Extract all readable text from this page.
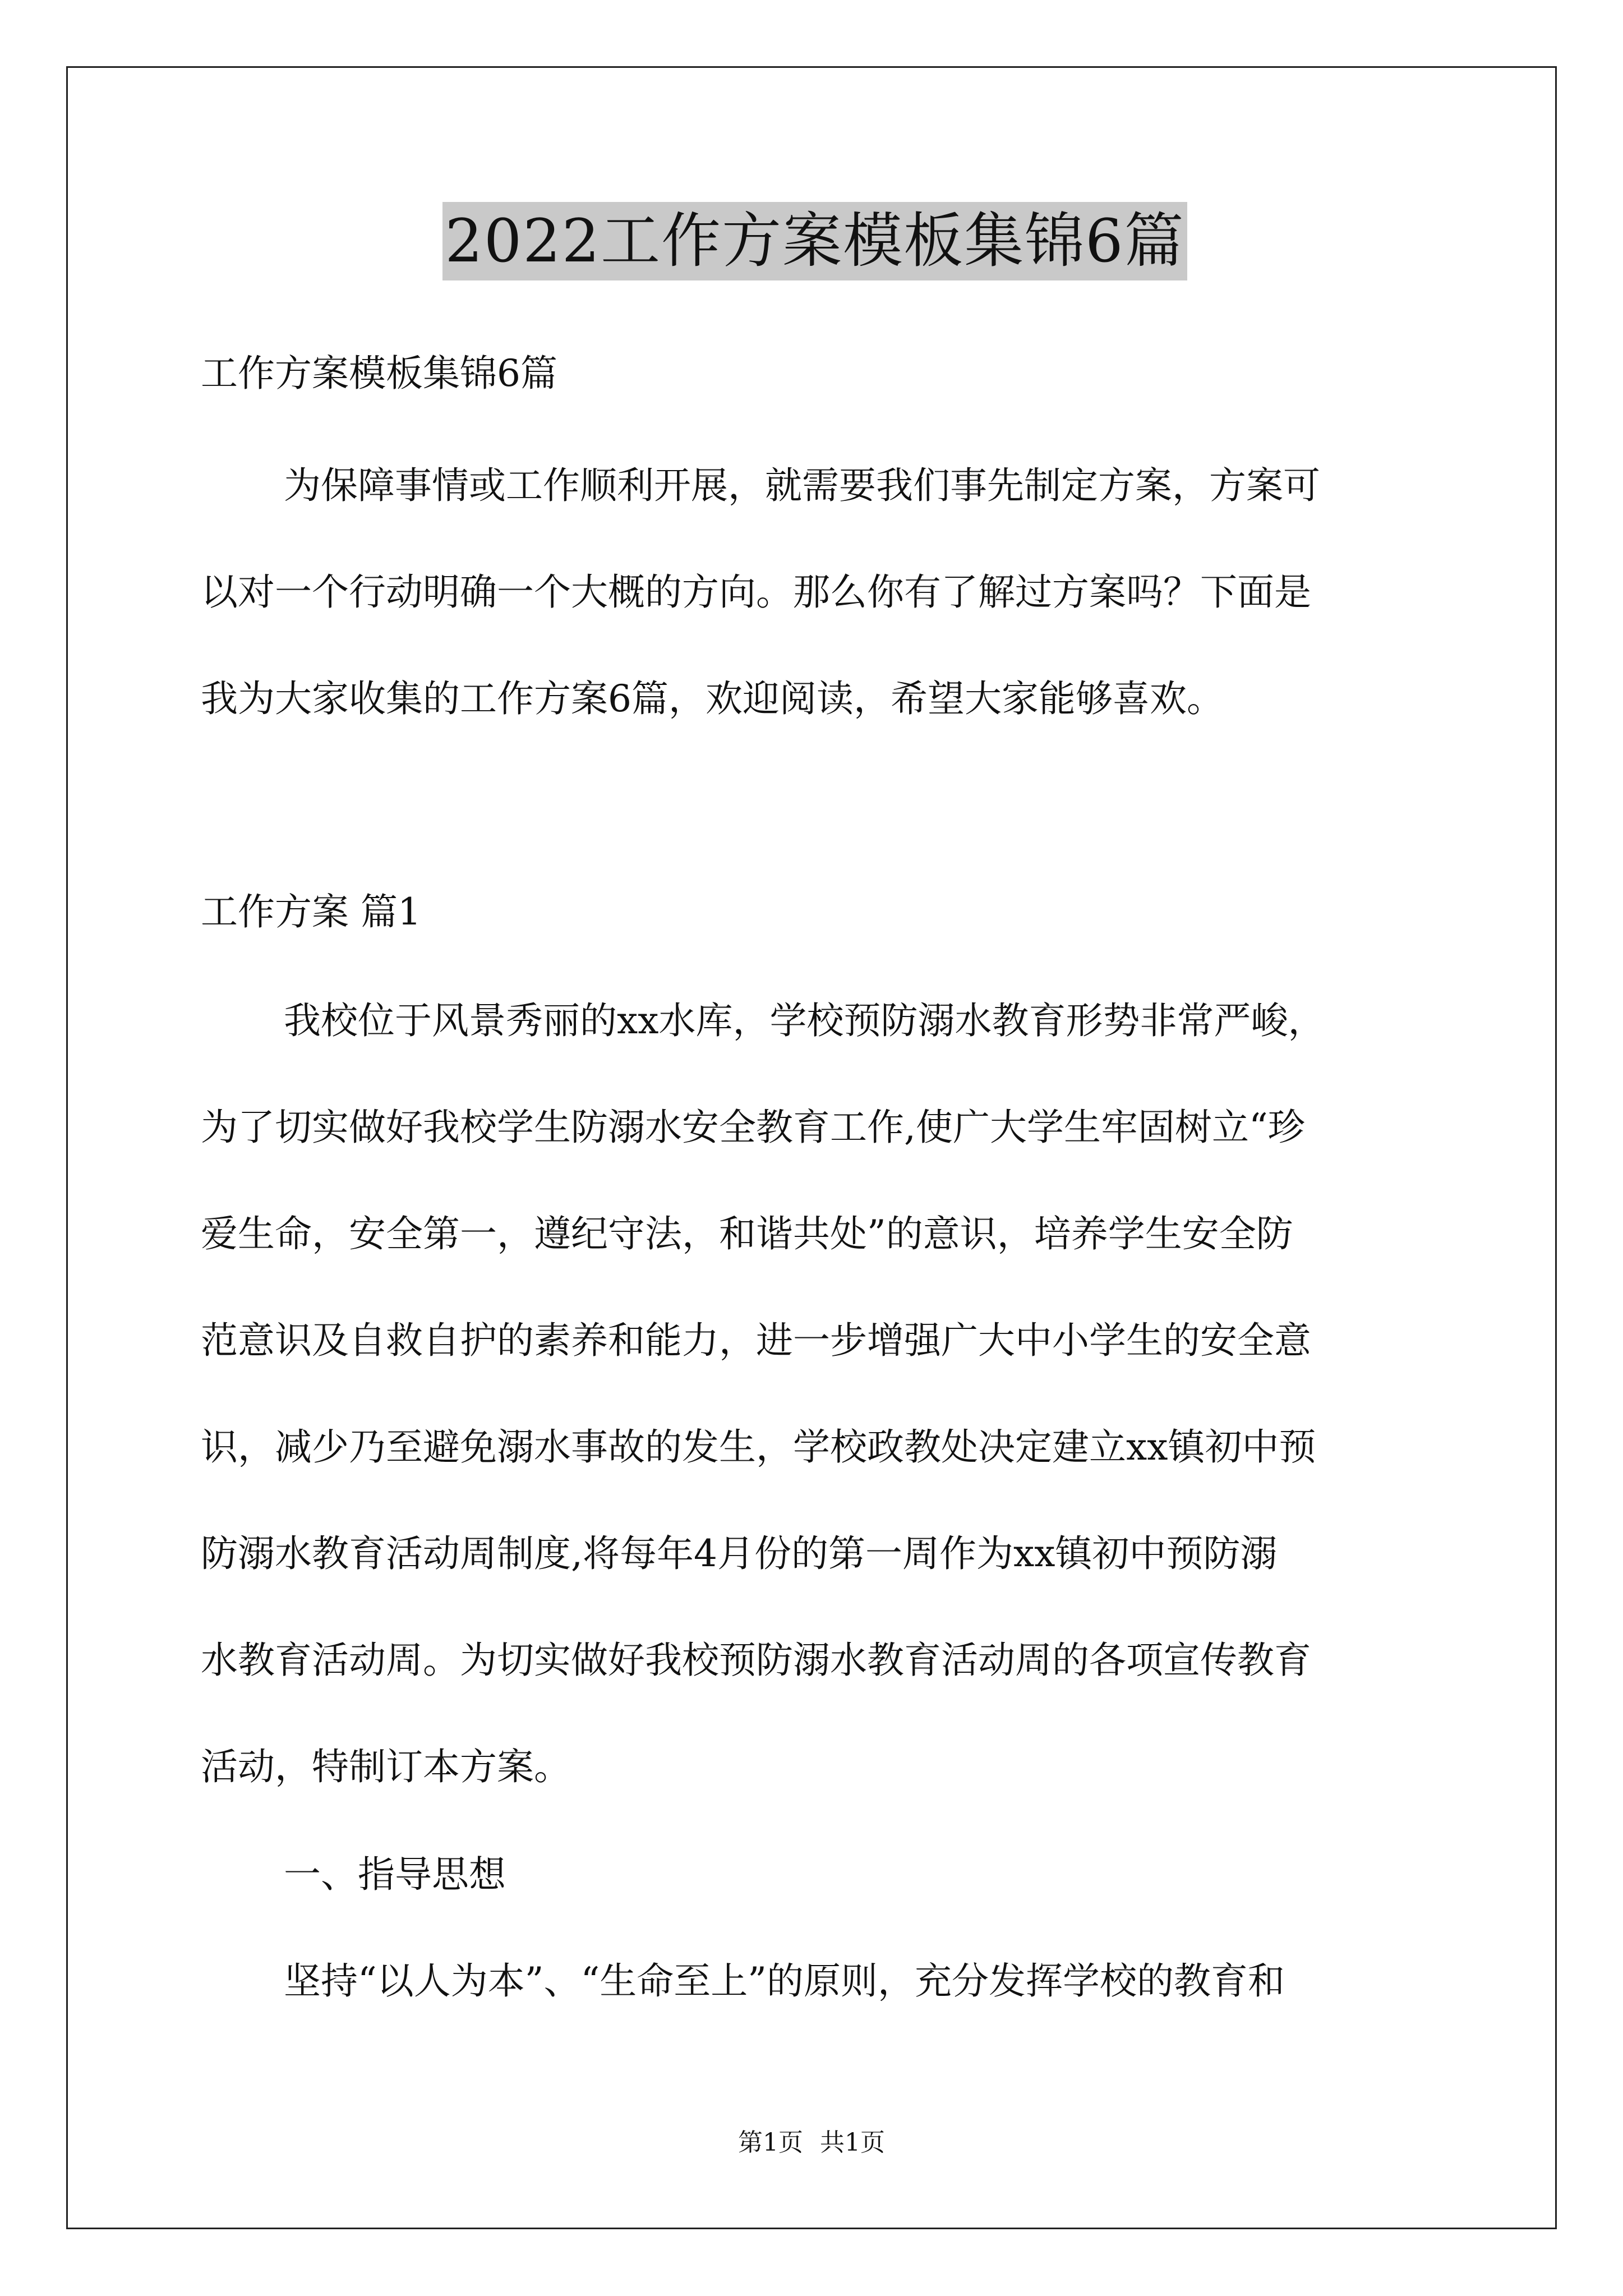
2022工作方案模板集锦6篇
工作方案模板集锦6篇
为保障事情或工作顺利开展，就需要我们事先制定方案，方案可
以对一个行动明确一个大概的方向。那么你有了解过方案吗？下面是
我为大家收集的工作方案6篇，欢迎阅读，希望大家能够喜欢。
工作方案 篇1
我校位于风景秀丽的xx水库，学校预防溺水教育形势非常严峻，
为了切实做好我校学生防溺水安全教育工作,使广大学生牢固树立“珍
爱生命，安全第一，遵纪守法，和谐共处”的意识，培养学生安全防
范意识及自救自护的素养和能力，进一步增强广大中小学生的安全意
识，减少乃至避免溺水事故的发生，学校政教处决定建立xx镇初中预
防溺水教育活动周制度,将每年4月份的第一周作为xx镇初中预防溺
水教育活动周。为切实做好我校预防溺水教育活动周的各项宣传教育
活动，特制订本方案。
一、指导思想
坚持“以人为本”、“生命至上”的原则，充分发挥学校的教育和
第1页 共1页
